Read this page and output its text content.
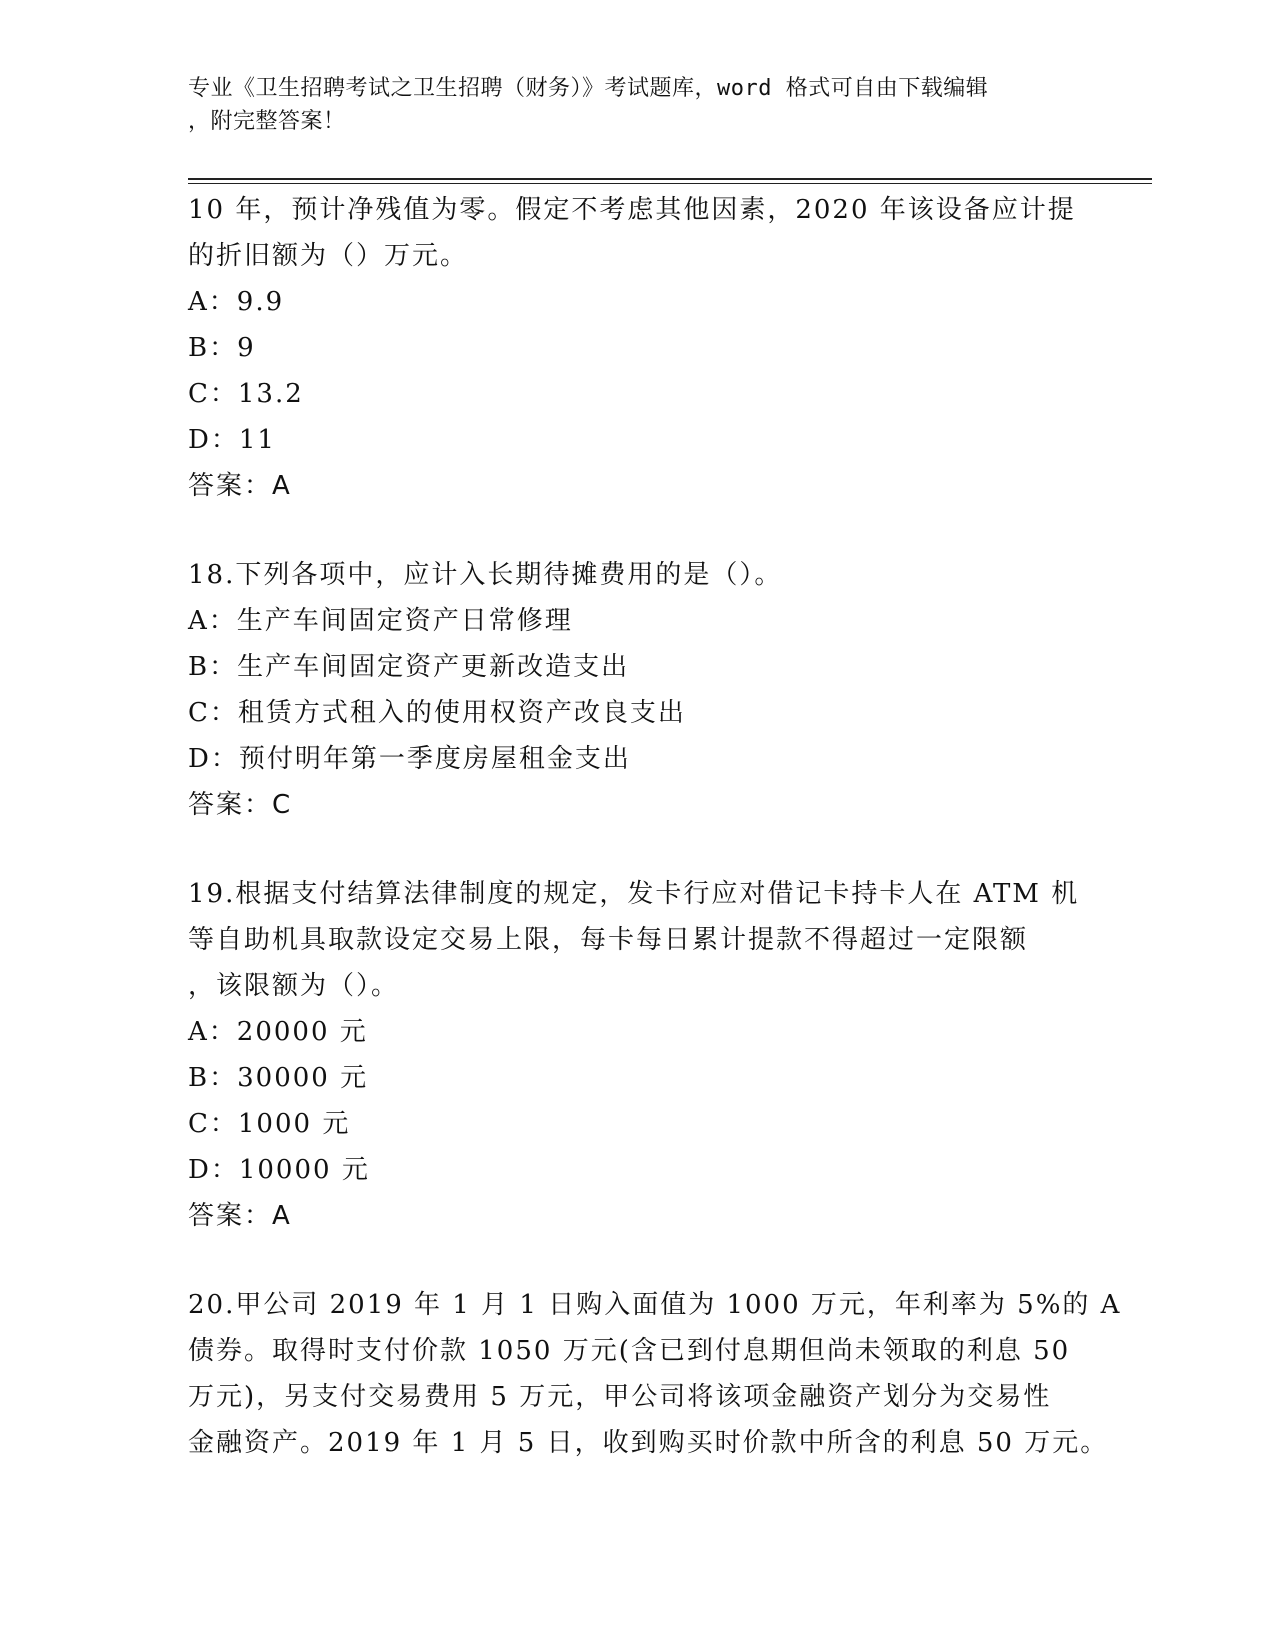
专业《卫生招聘考试之卫生招聘（财务）》考试题库，word 格式可自由下载编辑
，附完整答案！
10 年，预计净残值为零。假定不考虑其他因素，2020 年该设备应计提
的折旧额为（）万元。
A：9.9
B：9
C：13.2
D：11
答案：A
18.下列各项中，应计入长期待摊费用的是（）。
A：生产车间固定资产日常修理
B：生产车间固定资产更新改造支出
C：租赁方式租入的使用权资产改良支出
D：预付明年第一季度房屋租金支出
答案：C
19.根据支付结算法律制度的规定，发卡行应对借记卡持卡人在 ATM 机
等自助机具取款设定交易上限，每卡每日累计提款不得超过一定限额
，该限额为（）。
A：20000 元
B：30000 元
C：1000 元
D：10000 元
答案：A
20.甲公司 2019 年 1 月 1 日购入面值为 1000 万元，年利率为 5%的 A
债券。取得时支付价款 1050 万元(含已到付息期但尚未领取的利息 50
万元)，另支付交易费用 5 万元，甲公司将该项金融资产划分为交易性
金融资产。2019 年 1 月 5 日，收到购买时价款中所含的利息 50 万元。
